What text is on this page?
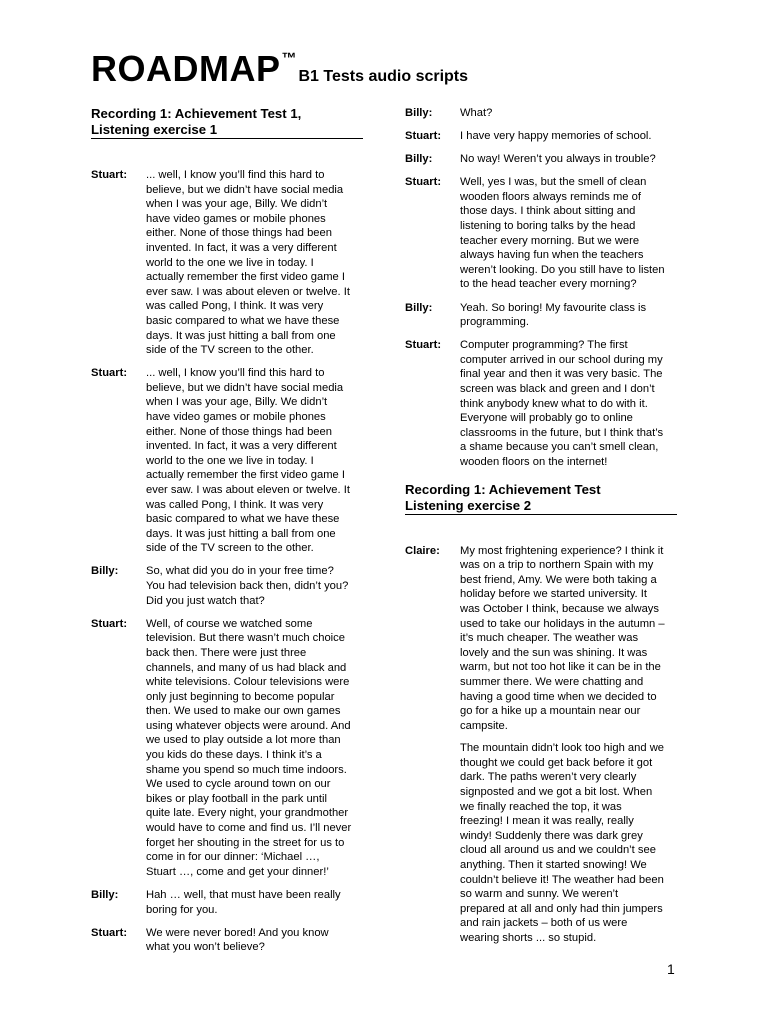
ROADMAP™B1 Tests audio scripts
Recording 1: Achievement Test 1,
Listening exercise 1
Stuart:	... well, I know you’ll find this hard to
believe, but we didn’t have social media
when I was your age, Billy. We didn’t
have video games or mobile phones
either. None of those things had been
invented. In fact, it was a very different
world to the one we live in today. I
actually remember the first video game I
ever saw. I was about eleven or twelve. It
was called Pong, I think. It was very
basic compared to what we have these
days. It was just hitting a ball from one
side of the TV screen to the other.
Stuart:	... well, I know you’ll find this hard to
believe, but we didn’t have social media
when I was your age, Billy. We didn’t
have video games or mobile phones
either. None of those things had been
invented. In fact, it was a very different
world to the one we live in today. I
actually remember the first video game I
ever saw. I was about eleven or twelve. It
was called Pong, I think. It was very
basic compared to what we have these
days. It was just hitting a ball from one
side of the TV screen to the other.
Billy:	So, what did you do in your free time?
You had television back then, didn’t you?
Did you just watch that?
Stuart:	Well, of course we watched some
television. But there wasn’t much choice
back then. There were just three
channels, and many of us had black and
white televisions. Colour televisions were
only just beginning to become popular
then. We used to make our own games
using whatever objects were around. And
we used to play outside a lot more than
you kids do these days. I think it’s a
shame you spend so much time indoors.
We used to cycle around town on our
bikes or play football in the park until
quite late. Every night, your grandmother
would have to come and find us. I’ll never
forget her shouting in the street for us to
come in for our dinner: ‘Michael …,
Stuart …, come and get your dinner!’
Billy:	Hah … well, that must have been really
boring for you.
Stuart:	We were never bored! And you know
what you won’t believe?
Billy:	What?
Stuart:	I have very happy memories of school.
Billy:	No way! Weren’t you always in trouble?
Stuart:	Well, yes I was, but the smell of clean
wooden floors always reminds me of
those days. I think about sitting and
listening to boring talks by the head
teacher every morning. But we were
always having fun when the teachers
weren’t looking. Do you still have to listen
to the head teacher every morning?
Billy:	Yeah. So boring! My favourite class is
programming.
Stuart:	Computer programming? The first
computer arrived in our school during my
final year and then it was very basic. The
screen was black and green and I don’t
think anybody knew what to do with it.
Everyone will probably go to online
classrooms in the future, but I think that’s
a shame because you can’t smell clean,
wooden floors on the internet!
Recording 1: Achievement Test
Listening exercise 2
Claire:	My most frightening experience? I think it
was on a trip to northern Spain with my
best friend, Amy. We were both taking a
holiday before we started university. It
was October I think, because we always
used to take our holidays in the autumn –
it’s much cheaper. The weather was
lovely and the sun was shining. It was
warm, but not too hot like it can be in the
summer there. We were chatting and
having a good time when we decided to
go for a hike up a mountain near our
campsite.
The mountain didn’t look too high and we
thought we could get back before it got
dark. The paths weren’t very clearly
signposted and we got a bit lost. When
we finally reached the top, it was
freezing! I mean it was really, really
windy! Suddenly there was dark grey
cloud all around us and we couldn’t see
anything. Then it started snowing! We
couldn’t believe it! The weather had been
so warm and sunny. We weren’t
prepared at all and only had thin jumpers
and rain jackets – both of us were
wearing shorts ... so stupid.
1
